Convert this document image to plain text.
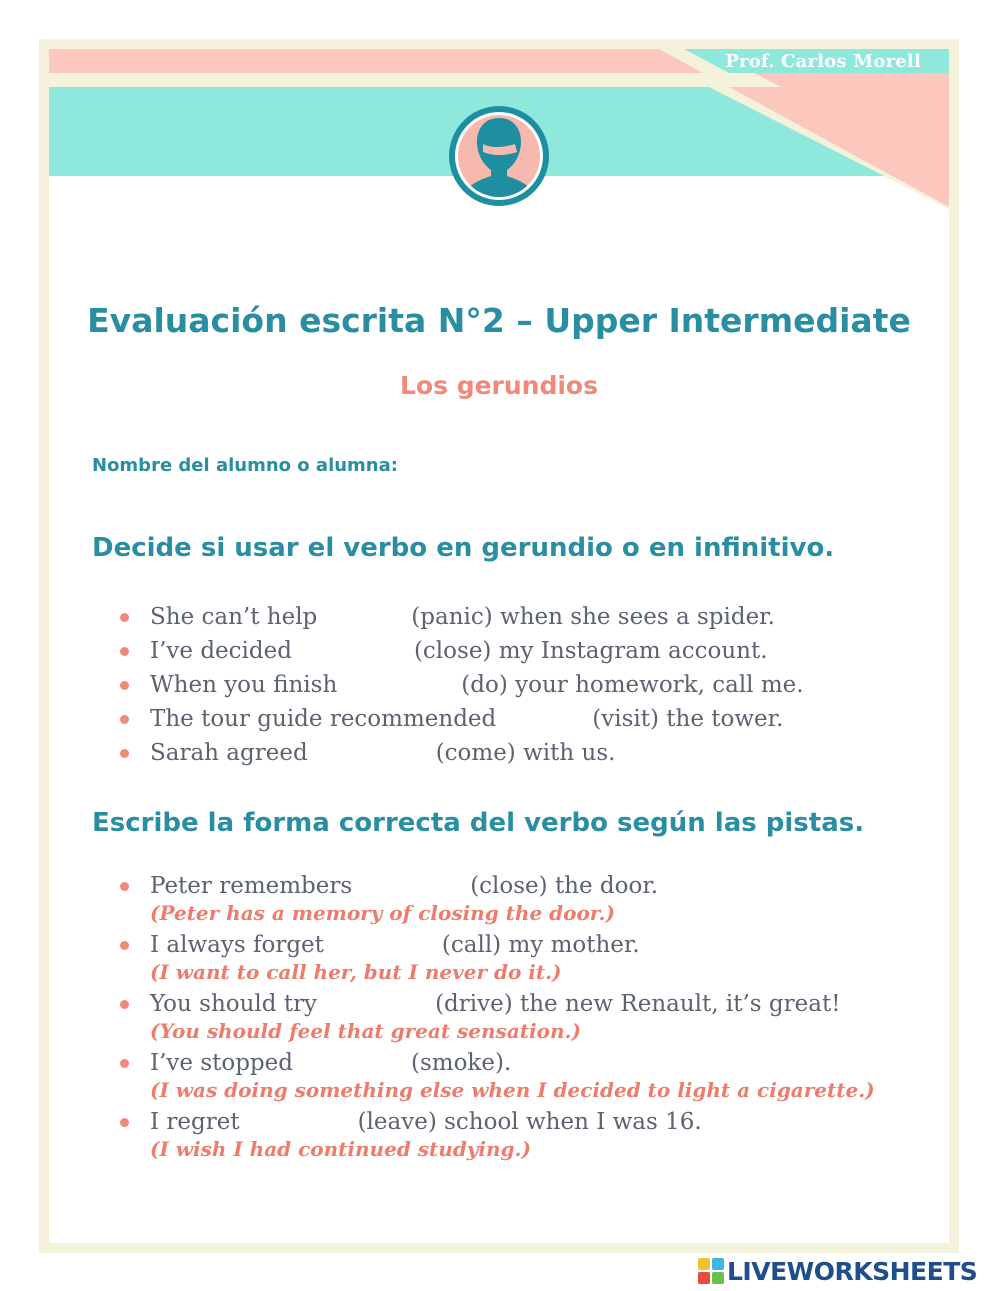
Prof. Carlos Morell
Evaluación escrita N°2 – Upper Intermediate
Los gerundios
Nombre del alumno o alumna:
Decide si usar el verbo en gerundio o en infinitivo.
She can’t help	(panic) when she sees a spider.
I’ve decided	(close) my Instagram account.
When you finish	(do) your homework, call me.
The tour guide recommended	(visit) the tower.
Sarah agreed	(come) with us.
Escribe la forma correcta del verbo según las pistas.
Peter remembers	(close) the door.
(Peter has a memory of closing the door.)
I always forget	(call) my mother.
(I want to call her, but I never do it.)
You should try	(drive) the new Renault, it’s great!
(You should feel that great sensation.)
I’ve stopped	(smoke).
(I was doing something else when I decided to light a cigarette.)
I regret	(leave) school when I was 16.
(I wish I had continued studying.)
LIVEWORKSHEETS
